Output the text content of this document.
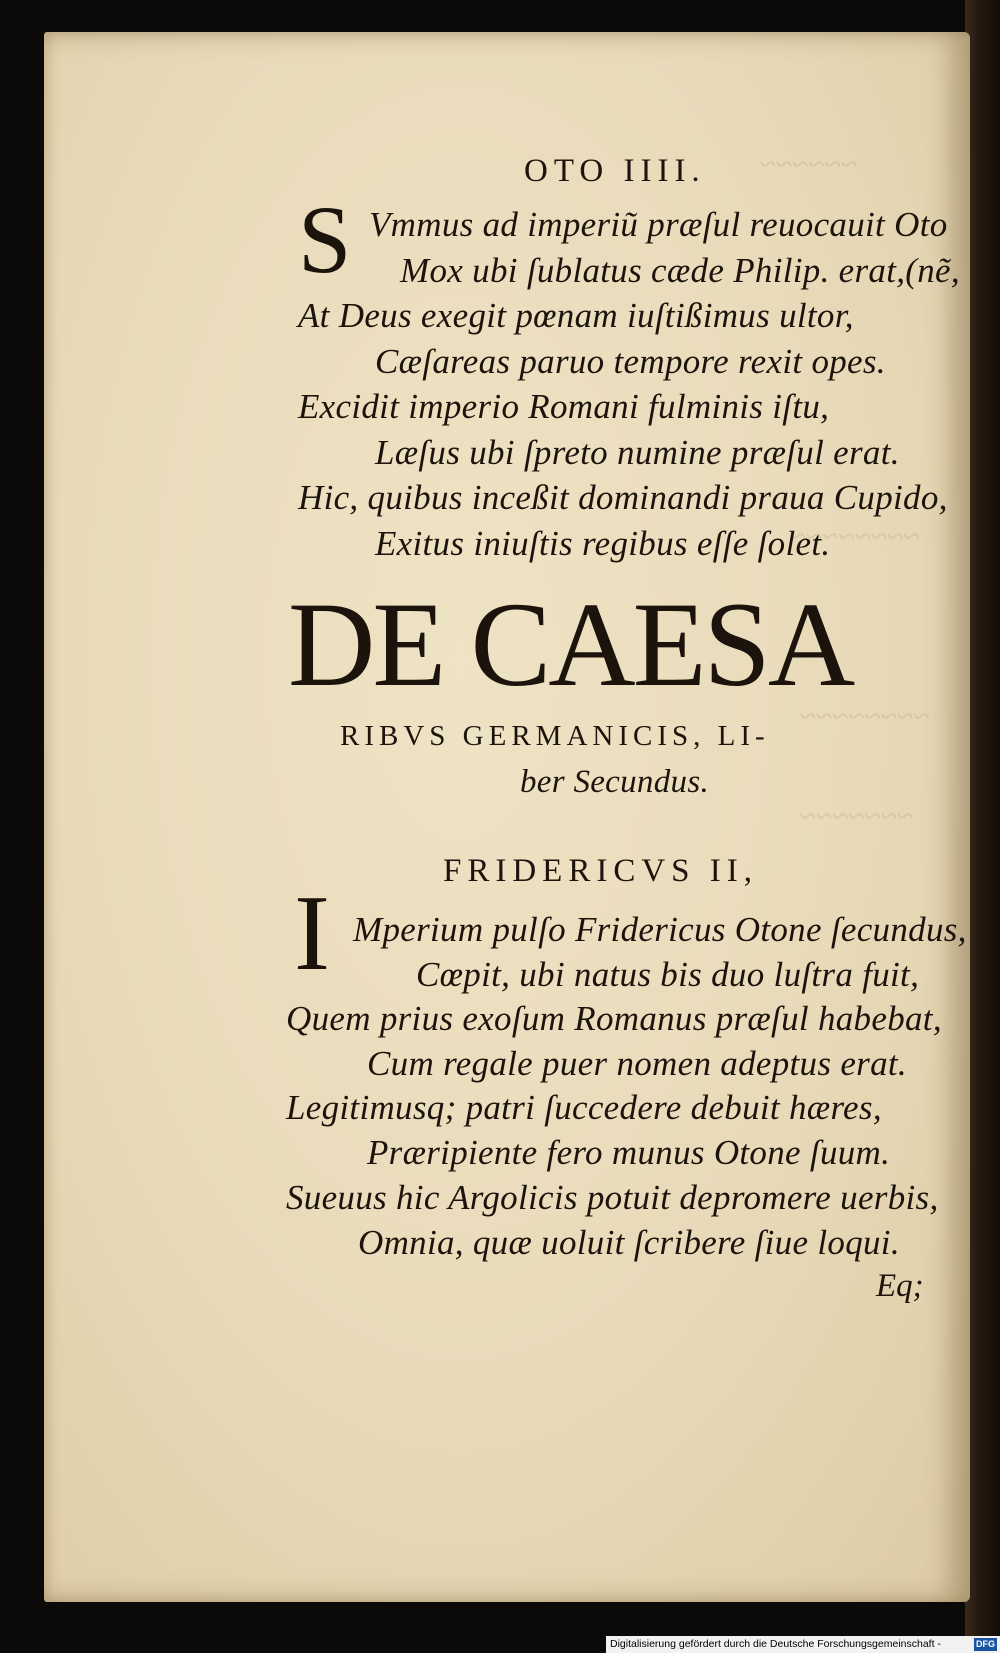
~~~~~~
~~~~~~~~
~~~~~~~~
~~~~~~~
OTO IIII.
S Vmmus ad imperiũ præſul reuocauit Oto
Mox ubi ſublatus cæde Philip. erat,(nẽ,
At Deus exegit pœnam iuſtißimus ultor,
Cæſareas paruo tempore rexit opes.
Excidit imperio Romani fulminis iſtu,
Læſus ubi ſpreto numine præſul erat.
Hic, quibus inceßit dominandi praua Cupido,
Exitus iniuſtis regibus eſſe ſolet.
DE CAESA
RIBVS GERMANICIS, LI-
ber Secundus.
FRIDERICVS II,
I Mperium pulſo Fridericus Otone ſecundus,
Cœpit, ubi natus bis duo luſtra fuit,
Quem prius exoſum Romanus præſul habebat,
Cum regale puer nomen adeptus erat.
Legitimusq; patri ſuccedere debuit hæres,
Præripiente fero munus Otone ſuum.
Sueuus hic Argolicis potuit depromere uerbis,
Omnia, quæ uoluit ſcribere ſiue loqui.
Eq;
Digitalisierung gefördert durch die Deutsche Forschungsgemeinschaft -	DFG
